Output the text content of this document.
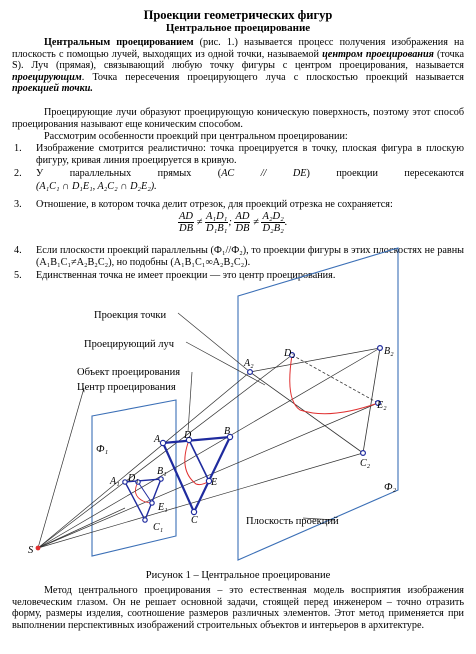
Проекции геометрических фигур
Центральное проецирование
Центральным проецированием (рис. 1.) называется процесс получения изображения на плоскость с помощью лучей, выходящих из одной точки, называемой центром проецирования (точка S). Луч (прямая), связывающий любую точку фигуры с центром проецирования, называется проецирующим. Точка пересечения проецирующего луча с плоскостью проекций называется проекцией точки.
Проецирующие лучи образуют проецирующую коническую поверхность, поэтому этот способ проецирования называют еще коническим способом.
Рассмотрим особенности проекций при центральном проецировании:
1.	Изображение смотрится реалистично: точка проецируется в точку, плоская фигура в плоскую фигуру, кривая линия проецируется в кривую.
2.	У параллельных прямых (AC // DE) проекции пересекаются
(A₁C₁ ∩ D₁E₁, A₂C₂ ∩ D₂E₂).
3.	Отношение, в котором точка делит отрезок, для проекций отрезка не сохраняется:
$\frac{AD}{DB} \ne \frac{\text{A₁D₁}}{\text{D₁B₁}}$ ; $\frac{AD}{DB} \ne \frac{\text{A₂D₂}}{\text{D₂B₂}}$ .
4.	Если плоскости проекций параллельны (Ф₁//Ф₂), то проекции фигуры в этих плоскостях не равны (A₁B₁C₁≠A₂B₂C₂), но подобны (A₁B₁C₁∞A₂B₂C₂).
5.	Единственная точка не имеет проекции — это центр проецирования.
Проекция точки
Проецирующий луч
Объект проецирования
Центр проецирования
Плоскость проекций
Ф₁
Ф₂
S
A
B
C
D
E
A₁
B₁
C₁
D₁
E₁
A₂
B₂
C₂
D₂
E₂
Рисунок 1 – Центральное проецирование
Метод центрального проецирования – это естественная модель восприятия изображения человеческим глазом. Он не решает основной задачи, стоящей перед инженером – точно отразить форму, размеры изделия, соотношение размеров различных элементов. Этот метод применяется при выполнении перспективных изображений строительных объектов и интерьеров в архитектуре.
